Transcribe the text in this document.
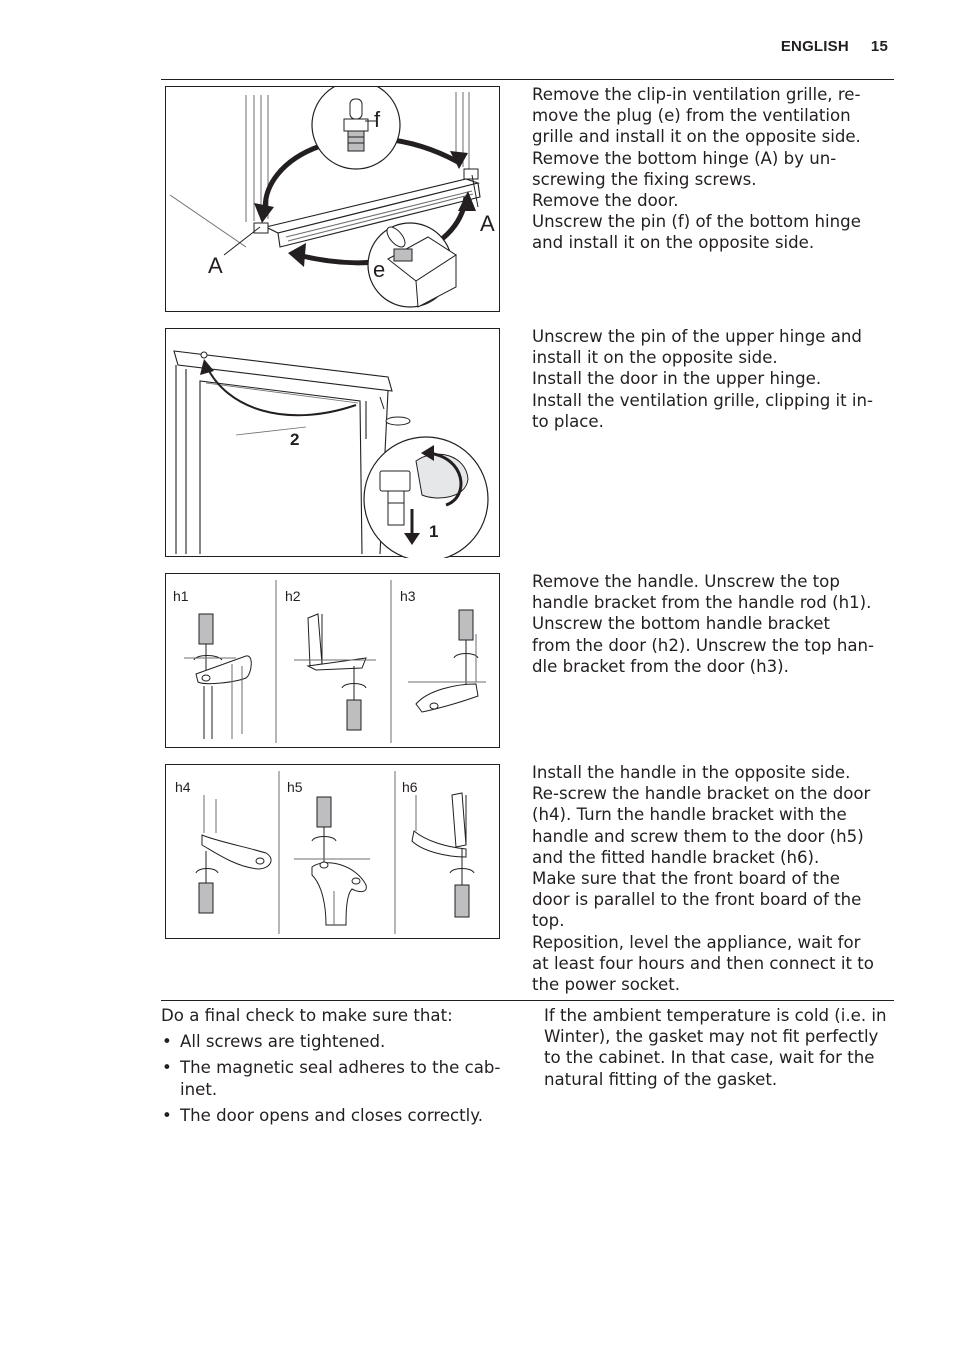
ENGLISH 15
f
A
A	e
Remove the clip-in ventilation grille, re-
move the plug (e) from the ventilation
grille and install it on the opposite side.
Remove the bottom hinge (A) by un-
screwing the fixing screws.
Remove the door.
Unscrew the pin (f) of the bottom hinge
and install it on the opposite side.
2
1
Unscrew the pin of the upper hinge and
install it on the opposite side.
Install the door in the upper hinge.
Install the ventilation grille, clipping it in-
to place.
h1	h2	h3
Remove the handle. Unscrew the top
handle bracket from the handle rod (h1).
Unscrew the bottom handle bracket
from the door (h2). Unscrew the top han-
dle bracket from the door (h3).
h4	h5	h6
Install the handle in the opposite side.
Re-screw the handle bracket on the door
(h4). Turn the handle bracket with the
handle and screw them to the door (h5)
and the fitted handle bracket (h6).
Make sure that the front board of the
door is parallel to the front board of the
top.
Reposition, level the appliance, wait for
at least four hours and then connect it to
the power socket.
Do a final check to make sure that:
• All screws are tightened.
• The magnetic seal adheres to the cab-
inet.
• The door opens and closes correctly.
If the ambient temperature is cold (i.e. in
Winter), the gasket may not fit perfectly
to the cabinet. In that case, wait for the
natural fitting of the gasket.
